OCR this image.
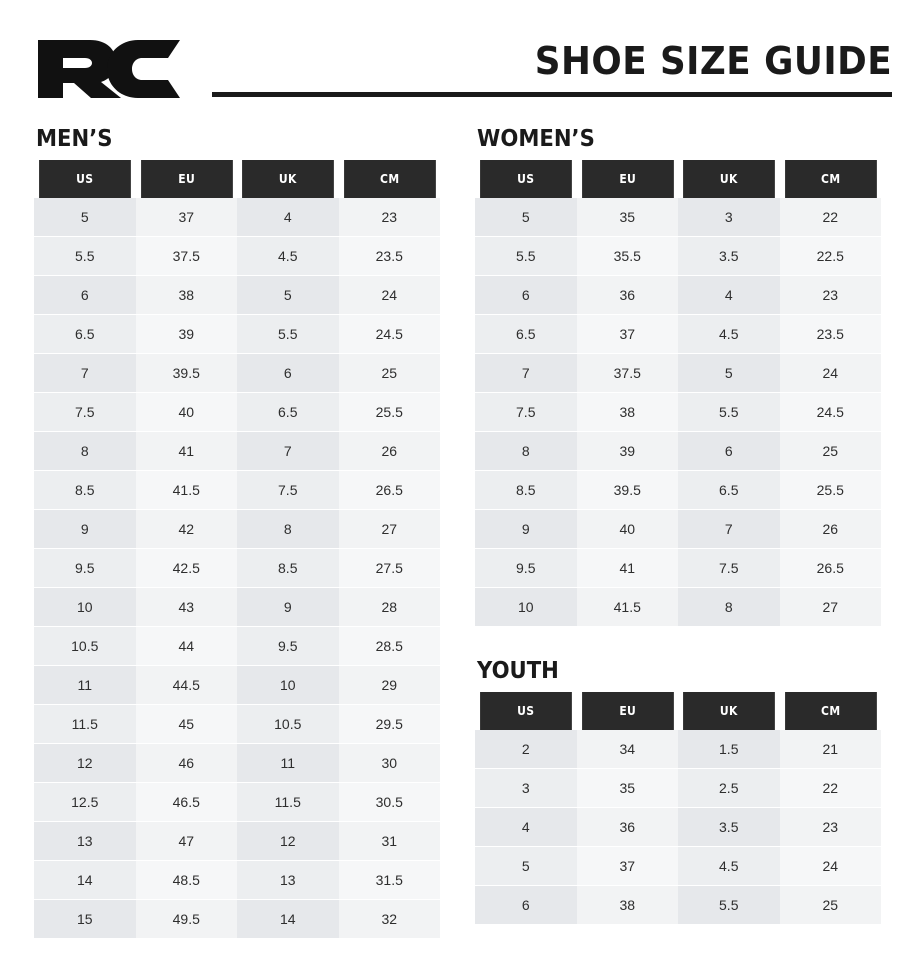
SHOE SIZE GUIDE
MEN’S
US	EU	UK	CM
5	37	4	23
5.5	37.5	4.5	23.5
6	38	5	24
6.5	39	5.5	24.5
7	39.5	6	25
7.5	40	6.5	25.5
8	41	7	26
8.5	41.5	7.5	26.5
9	42	8	27
9.5	42.5	8.5	27.5
10	43	9	28
10.5	44	9.5	28.5
11	44.5	10	29
11.5	45	10.5	29.5
12	46	11	30
12.5	46.5	11.5	30.5
13	47	12	31
14	48.5	13	31.5
15	49.5	14	32
WOMEN’S
US	EU	UK	CM
5	35	3	22
5.5	35.5	3.5	22.5
6	36	4	23
6.5	37	4.5	23.5
7	37.5	5	24
7.5	38	5.5	24.5
8	39	6	25
8.5	39.5	6.5	25.5
9	40	7	26
9.5	41	7.5	26.5
10	41.5	8	27
YOUTH
US	EU	UK	CM
2	34	1.5	21
3	35	2.5	22
4	36	3.5	23
5	37	4.5	24
6	38	5.5	25
